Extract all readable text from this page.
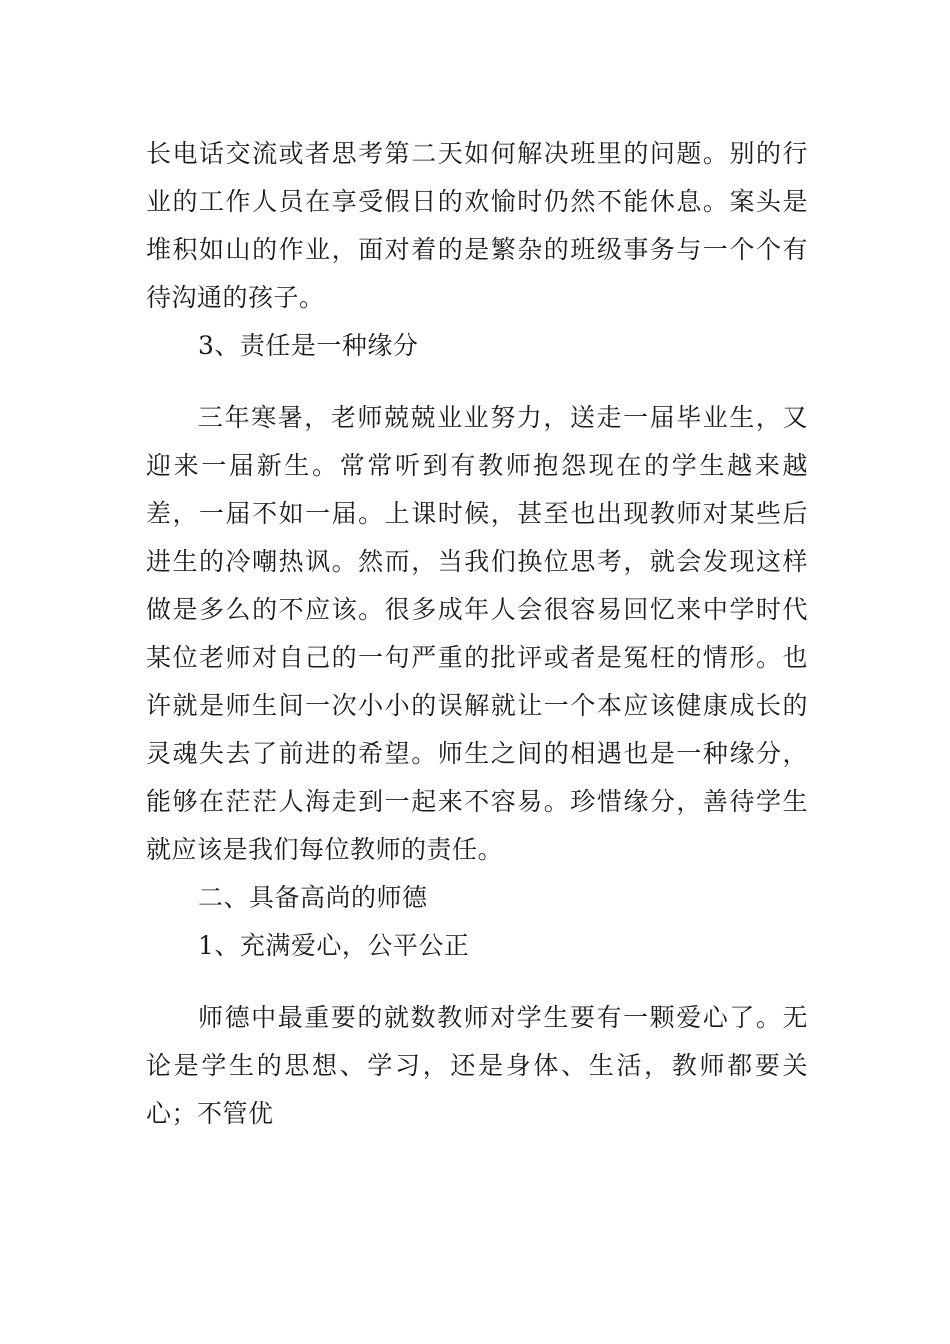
长电话交流或者思考第二天如何解决班里的问题。别的行业的工作人员在享受假日的欢愉时仍然不能休息。案头是堆积如山的作业，面对着的是繁杂的班级事务与一个个有待沟通的孩子。

3、责任是一种缘分

三年寒暑，老师兢兢业业努力，送走一届毕业生，又迎来一届新生。常常听到有教师抱怨现在的学生越来越差，一届不如一届。上课时候，甚至也出现教师对某些后进生的冷嘲热讽。然而，当我们换位思考，就会发现这样做是多么的不应该。很多成年人会很容易回忆来中学时代某位老师对自己的一句严重的批评或者是冤枉的情形。也许就是师生间一次小小的误解就让一个本应该健康成长的灵魂失去了前进的希望。师生之间的相遇也是一种缘分，能够在茫茫人海走到一起来不容易。珍惜缘分，善待学生就应该是我们每位教师的责任。

二、具备高尚的师德

1、充满爱心，公平公正

师德中最重要的就数教师对学生要有一颗爱心了。无论是学生的思想、学习，还是身体、生活，教师都要关心；不管优
